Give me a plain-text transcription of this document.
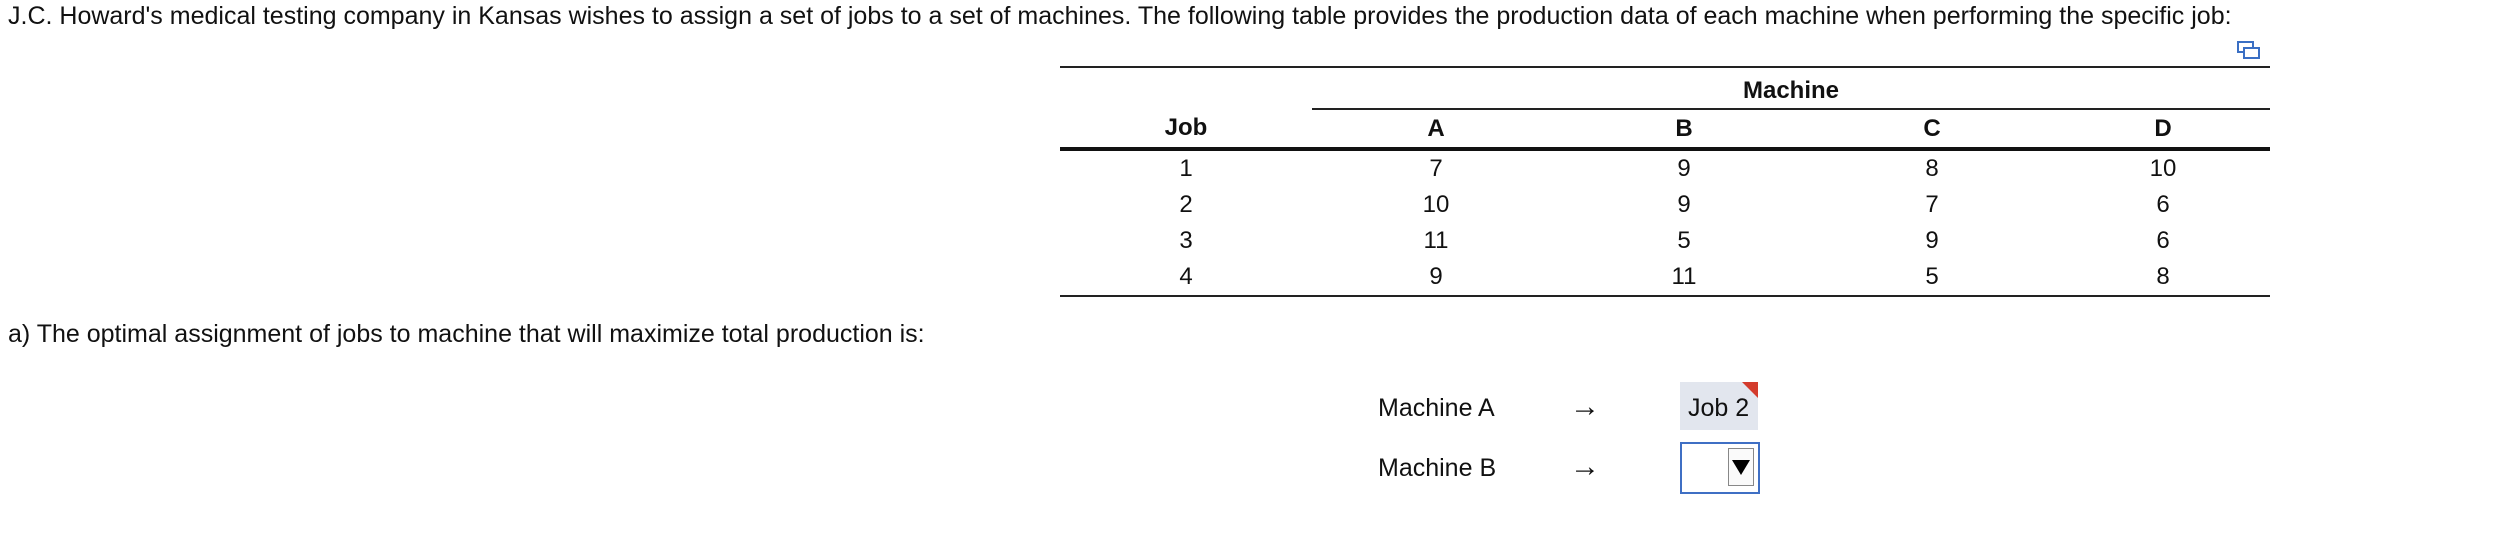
J.C. Howard's medical testing company in Kansas wishes to assign a set of jobs to a set of machines. The following table provides the production data of each machine when performing the specific job:
	Machine			
Job	A	B	C	D
1	7	9	8	10
2	10	9	7	6
3	11	5	9	6
4	9	11	5	8
a) The optimal assignment of jobs to machine that will maximize total production is:
Machine A	→	Job 2
Machine B →
